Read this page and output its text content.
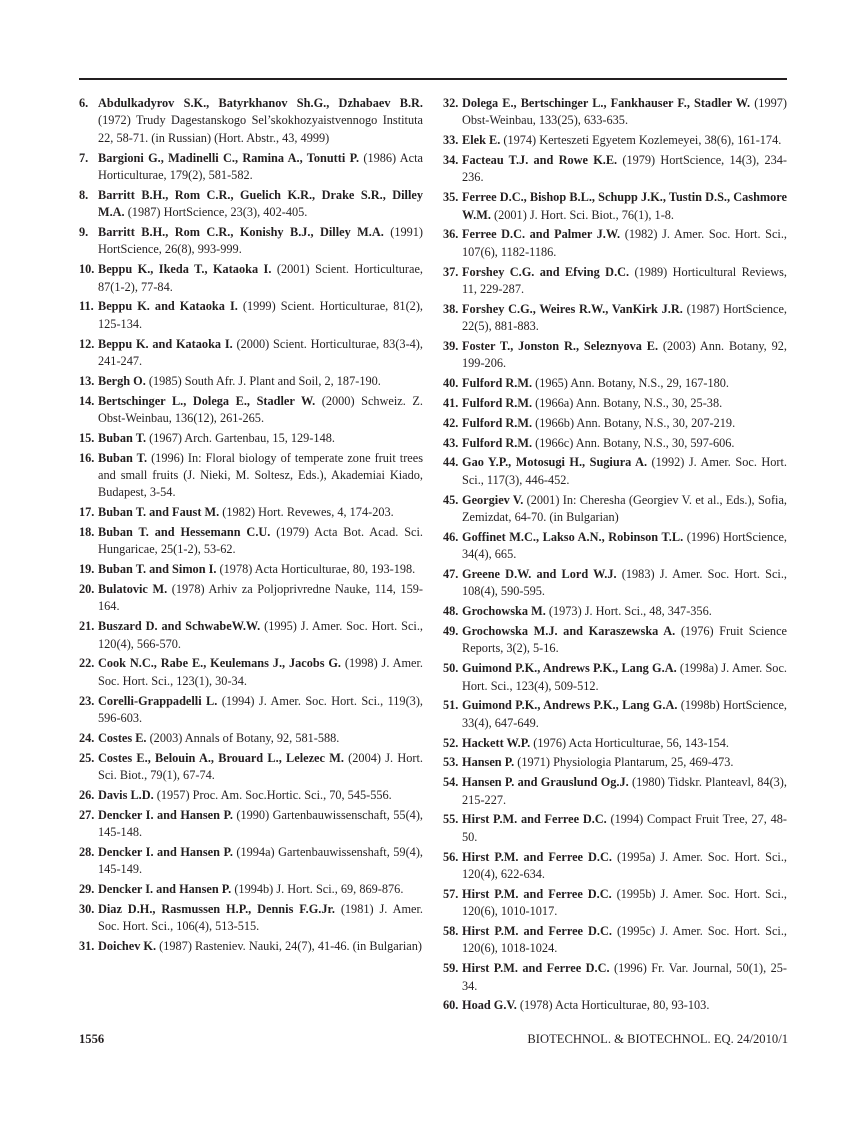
6. Abdulkadyrov S.K., Batyrkhanov Sh.G., Dzhabaev B.R. (1972) Trudy Dagestanskogo Sel’skokhozyaistvennogo Instituta 22, 58-71. (in Russian) (Hort. Abstr., 43, 4999)
7. Bargioni G., Madinelli C., Ramina A., Tonutti P. (1986) Acta Horticulturae, 179(2), 581-582.
8. Barritt B.H., Rom C.R., Guelich K.R., Drake S.R., Dilley M.A. (1987) HortScience, 23(3), 402-405.
9. Barritt B.H., Rom C.R., Konishy B.J., Dilley M.A. (1991) HortScience, 26(8), 993-999.
10. Beppu K., Ikeda T., Kataoka I. (2001) Scient. Horticulturae, 87(1-2), 77-84.
11. Beppu K. and Kataoka I. (1999) Scient. Horticulturae, 81(2), 125-134.
12. Beppu K. and Kataoka I. (2000) Scient. Horticulturae, 83(3-4), 241-247.
13. Bergh O. (1985) South Afr. J. Plant and Soil, 2, 187-190.
14. Bertschinger L., Dolega E., Stadler W. (2000) Schweiz. Z. Obst-Weinbau, 136(12), 261-265.
15. Buban T. (1967) Arch. Gartenbau, 15, 129-148.
16. Buban T. (1996) In: Floral biology of temperate zone fruit trees and small fruits (J. Nieki, M. Soltesz, Eds.), Akademiai Kiado, Budapest, 3-54.
17. Buban T. and Faust M. (1982) Hort. Revewes, 4, 174-203.
18. Buban T. and Hessemann C.U. (1979) Acta Bot. Acad. Sci. Hungaricae, 25(1-2), 53-62.
19. Buban T. and Simon I. (1978) Acta Horticulturae, 80, 193-198.
20. Bulatovic M. (1978) Arhiv za Poljoprivredne Nauke, 114, 159-164.
21. Buszard D. and SchwabeW.W. (1995) J. Amer. Soc. Hort. Sci., 120(4), 566-570.
22. Cook N.C., Rabe E., Keulemans J., Jacobs G. (1998) J. Amer. Soc. Hort. Sci., 123(1), 30-34.
23. Corelli-Grappadelli L. (1994) J. Amer. Soc. Hort. Sci., 119(3), 596-603.
24. Costes E. (2003) Annals of Botany, 92, 581-588.
25. Costes E., Belouin A., Brouard L., Lelezec M. (2004) J. Hort. Sci. Biot., 79(1), 67-74.
26. Davis L.D. (1957) Proc. Am. Soc.Hortic. Sci., 70, 545-556.
27. Dencker I. and Hansen P. (1990) Gartenbauwissenschaft, 55(4), 145-148.
28. Dencker I. and Hansen P. (1994a) Gartenbauwissenshaft, 59(4), 145-149.
29. Dencker I. and Hansen P. (1994b) J. Hort. Sci., 69, 869-876.
30. Diaz D.H., Rasmussen H.P., Dennis F.G.Jr. (1981) J. Amer. Soc. Hort. Sci., 106(4), 513-515.
31. Doichev K. (1987) Rasteniev. Nauki, 24(7), 41-46. (in Bulgarian)
32. Dolega E., Bertschinger L., Fankhauser F., Stadler W. (1997) Obst-Weinbau, 133(25), 633-635.
33. Elek E. (1974) Kerteszeti Egyetem Kozlemeyei, 38(6), 161-174.
34. Facteau T.J. and Rowe K.E. (1979) HortScience, 14(3), 234-236.
35. Ferree D.C., Bishop B.L., Schupp J.K., Tustin D.S., Cashmore W.M. (2001) J. Hort. Sci. Biot., 76(1), 1-8.
36. Ferree D.C. and Palmer J.W. (1982) J. Amer. Soc. Hort. Sci., 107(6), 1182-1186.
37. Forshey C.G. and Efving D.C. (1989) Horticultural Reviews, 11, 229-287.
38. Forshey C.G., Weires R.W., VanKirk J.R. (1987) HortScience, 22(5), 881-883.
39. Foster T., Jonston R., Seleznyova E. (2003) Ann. Botany, 92, 199-206.
40. Fulford R.M. (1965) Ann. Botany, N.S., 29, 167-180.
41. Fulford R.M. (1966a) Ann. Botany, N.S., 30, 25-38.
42. Fulford R.M. (1966b) Ann. Botany, N.S., 30, 207-219.
43. Fulford R.M. (1966c) Ann. Botany, N.S., 30, 597-606.
44. Gao Y.P., Motosugi H., Sugiura A. (1992) J. Amer. Soc. Hort. Sci., 117(3), 446-452.
45. Georgiev V. (2001) In: Cheresha (Georgiev V. et al., Eds.), Sofia, Zemizdat, 64-70. (in Bulgarian)
46. Goffinet M.C., Lakso A.N., Robinson T.L. (1996) HortScience, 34(4), 665.
47. Greene D.W. and Lord W.J. (1983) J. Amer. Soc. Hort. Sci., 108(4), 590-595.
48. Grochowska M. (1973) J. Hort. Sci., 48, 347-356.
49. Grochowska M.J. and Karaszewska A. (1976) Fruit Science Reports, 3(2), 5-16.
50. Guimond P.K., Andrews P.K., Lang G.A. (1998a) J. Amer. Soc. Hort. Sci., 123(4), 509-512.
51. Guimond P.K., Andrews P.K., Lang G.A. (1998b) HortScience, 33(4), 647-649.
52. Hackett W.P. (1976) Acta Horticulturae, 56, 143-154.
53. Hansen P. (1971) Physiologia Plantarum, 25, 469-473.
54. Hansen P. and Grauslund Og.J. (1980) Tidskr. Planteavl, 84(3), 215-227.
55. Hirst P.M. and Ferree D.C. (1994) Compact Fruit Tree, 27, 48-50.
56. Hirst P.M. and Ferree D.C. (1995a) J. Amer. Soc. Hort. Sci., 120(4), 622-634.
57. Hirst P.M. and Ferree D.C. (1995b) J. Amer. Soc. Hort. Sci., 120(6), 1010-1017.
58. Hirst P.M. and Ferree D.C. (1995c) J. Amer. Soc. Hort. Sci., 120(6), 1018-1024.
59. Hirst P.M. and Ferree D.C. (1996) Fr. Var. Journal, 50(1), 25-34.
60. Hoad G.V. (1978) Acta Horticulturae, 80, 93-103.
1556	BIOTECHNOL. & BIOTECHNOL. EQ. 24/2010/1
